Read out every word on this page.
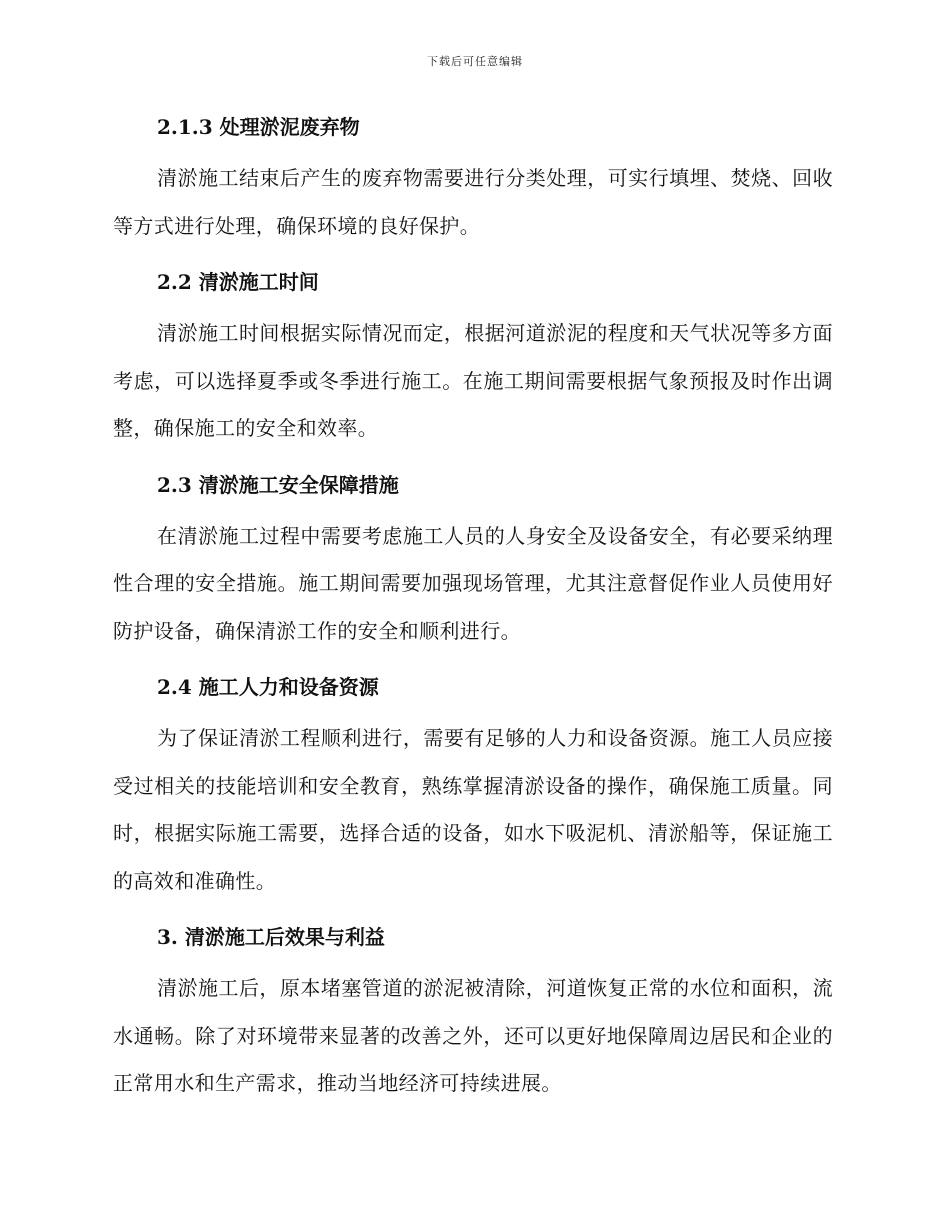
下载后可任意编辑
2.1.3 处理淤泥废弃物

清淤施工结束后产生的废弃物需要进行分类处理，可实行填埋、焚烧、回收等方式进行处理，确保环境的良好保护。

2.2 清淤施工时间

清淤施工时间根据实际情况而定，根据河道淤泥的程度和天气状况等多方面考虑，可以选择夏季或冬季进行施工。在施工期间需要根据气象预报及时作出调整，确保施工的安全和效率。

2.3 清淤施工安全保障措施

在清淤施工过程中需要考虑施工人员的人身安全及设备安全，有必要采纳理性合理的安全措施。施工期间需要加强现场管理，尤其注意督促作业人员使用好防护设备，确保清淤工作的安全和顺利进行。

2.4 施工人力和设备资源

为了保证清淤工程顺利进行，需要有足够的人力和设备资源。施工人员应接受过相关的技能培训和安全教育，熟练掌握清淤设备的操作，确保施工质量。同时，根据实际施工需要，选择合适的设备，如水下吸泥机、清淤船等，保证施工的高效和准确性。

3. 清淤施工后效果与利益

清淤施工后，原本堵塞管道的淤泥被清除，河道恢复正常的水位和面积，流水通畅。除了对环境带来显著的改善之外，还可以更好地保障周边居民和企业的正常用水和生产需求，推动当地经济可持续进展。
